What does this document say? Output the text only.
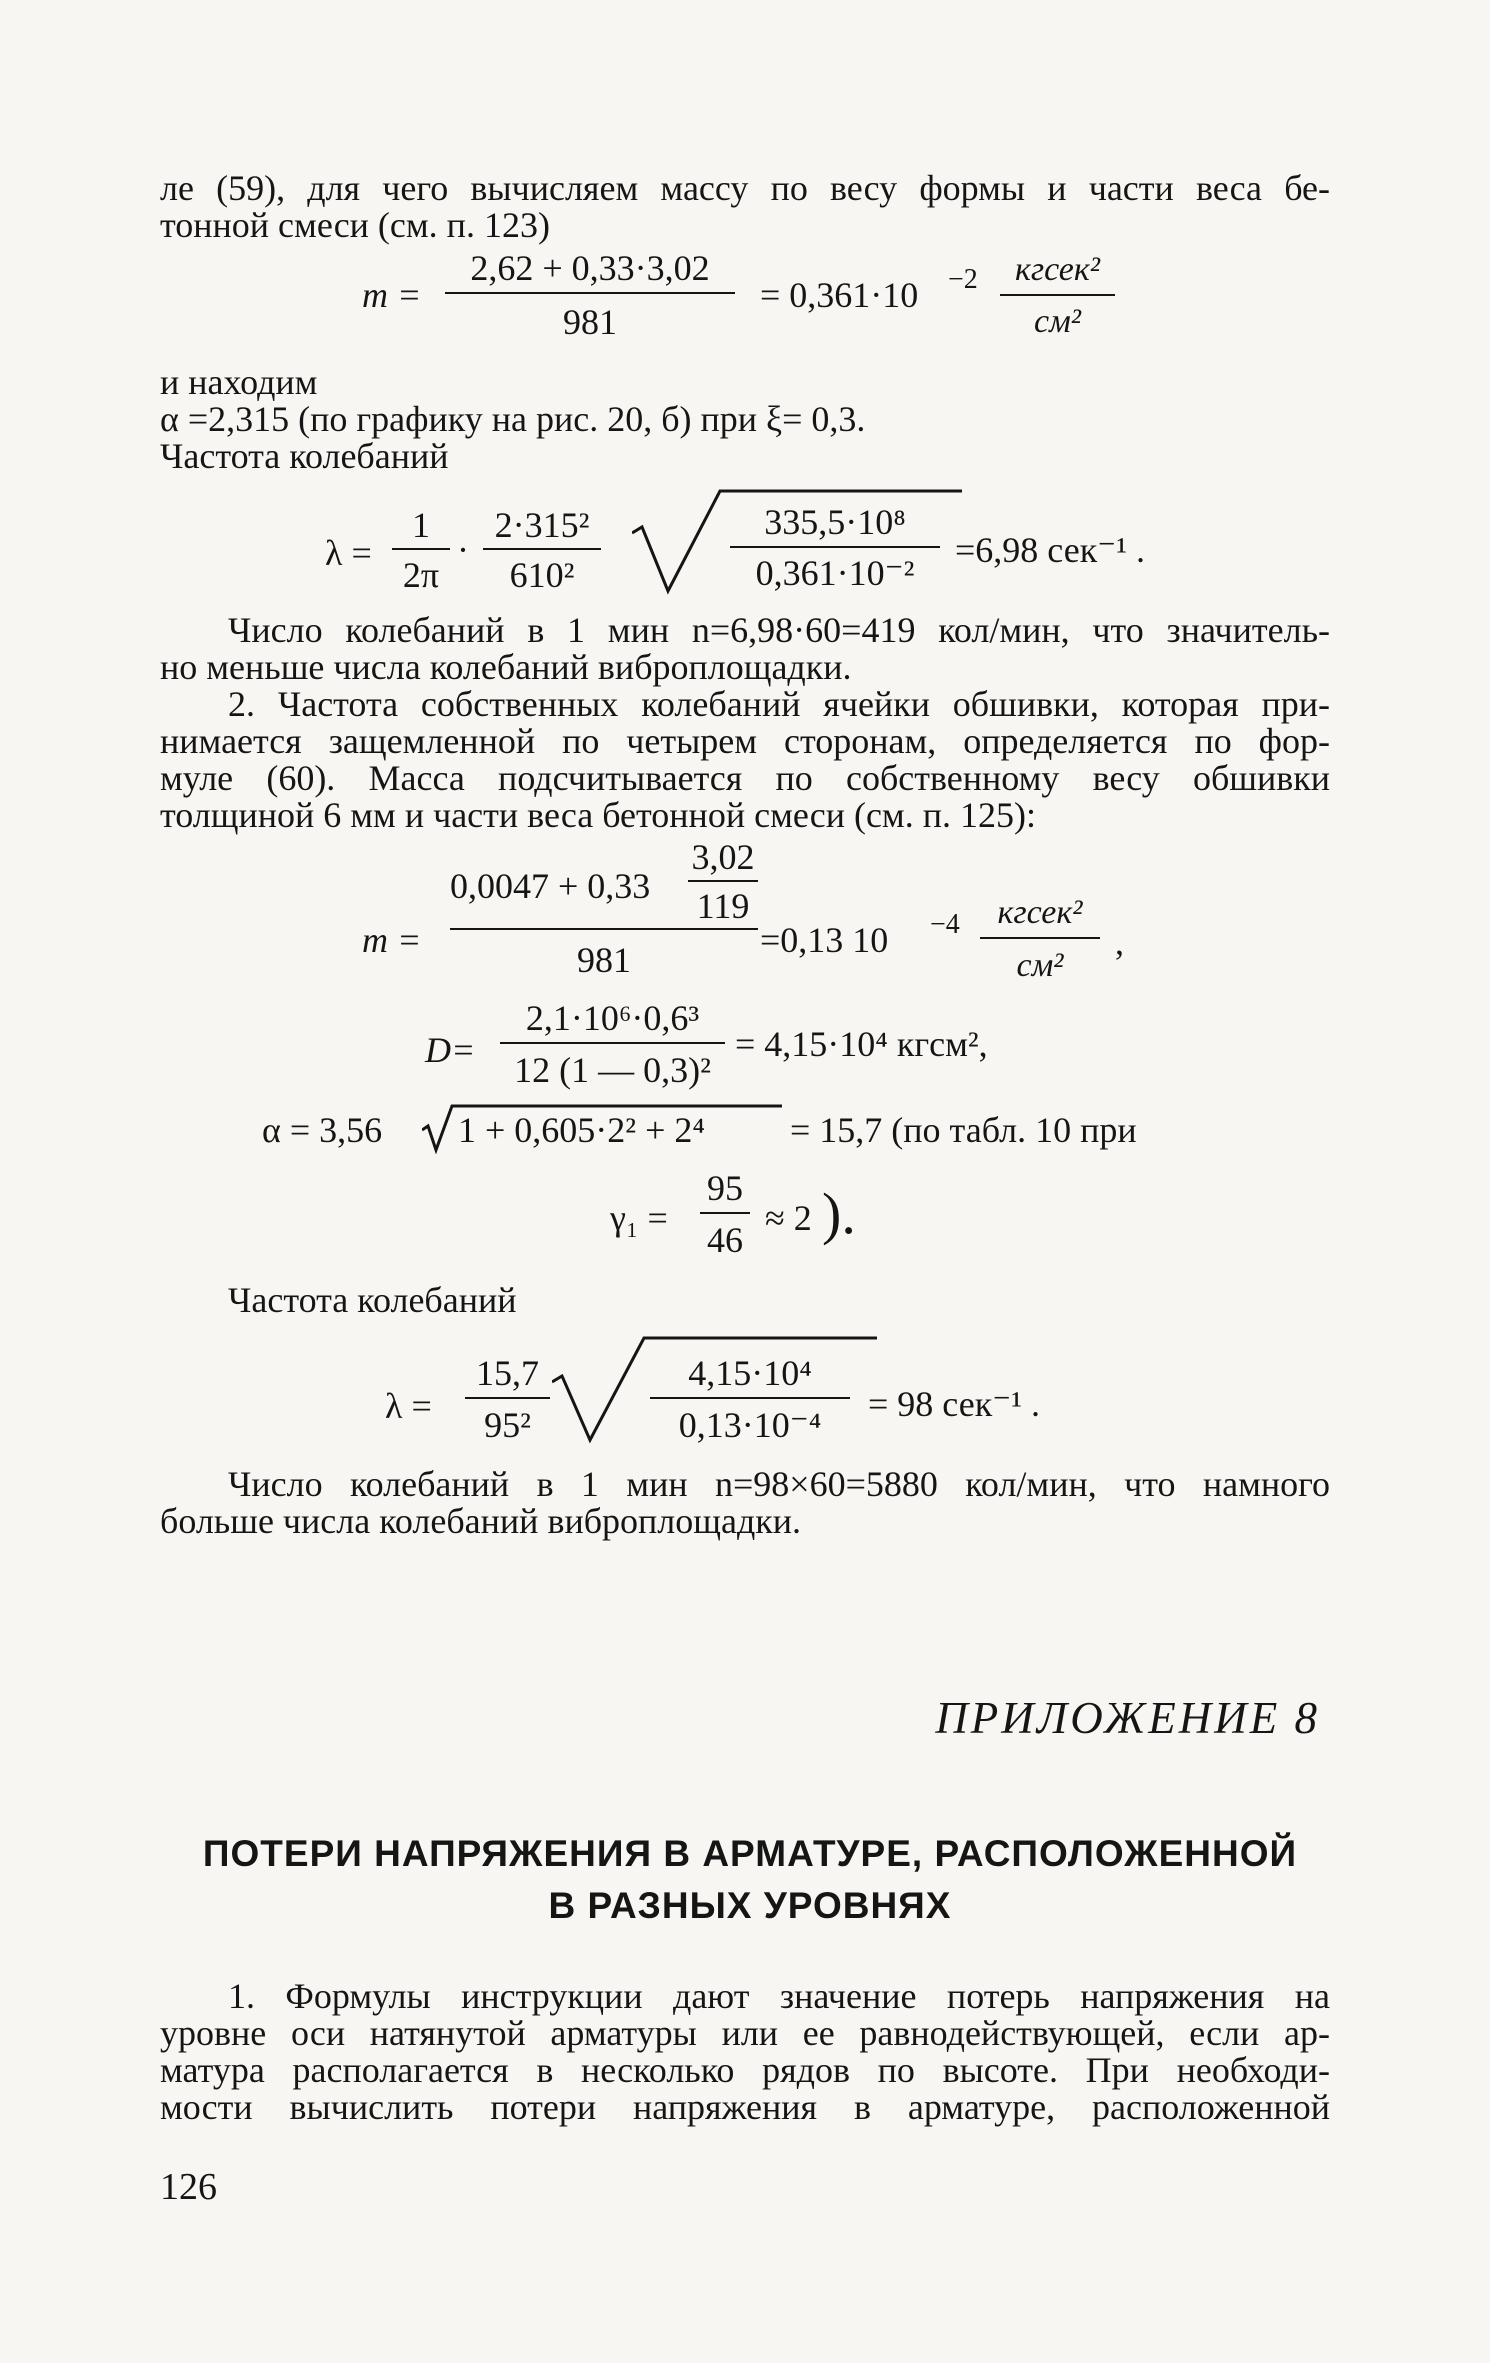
ле (59), для чего вычисляем массу по весу формы и части веса бе-
тонной смеси (см. п. 123)
m =
2,62 + 0,33·3,02
981
= 0,361·10 −2	кгсек²
см²
и находим
α =2,315 (по графику на рис. 20, б) при ξ= 0,3.
Частота колебаний
λ =
1
2π
·
2·315²
610²
335,5·10⁸
0,361·10⁻²
=6,98 сек⁻¹ .
Число колебаний в 1 мин n=6,98·60=419 кол/мин, что значитель-
но меньше числа колебаний виброплощадки.
2. Частота собственных колебаний ячейки обшивки, которая при-
нимается защемленной по четырем сторонам, определяется по фор-
муле (60). Масса подсчитывается по собственному весу обшивки
толщиной 6 мм и части веса бетонной смеси (см. п. 125):
m =
0,0047 + 0,33
3,02
119
981	=0,13 10 −4	кгсек²
см²
,
D=
2,1·10⁶·0,6³
12 (1 — 0,3)²
= 4,15·10⁴ кгсм²,
α = 3,56 1 + 0,605·2² + 2⁴ = 15,7 (по табл. 10 при
γ₁ =
95
46
≈ 2 ).
Частота колебаний
λ =
15,7
95²
4,15·10⁴
0,13·10⁻⁴
= 98 сек⁻¹ .
Число колебаний в 1 мин n=98×60=5880 кол/мин, что намного
больше числа колебаний виброплощадки.
ПРИЛОЖЕНИЕ 8
ПОТЕРИ НАПРЯЖЕНИЯ В АРМАТУРЕ, РАСПОЛОЖЕННОЙ
В РАЗНЫХ УРОВНЯХ
1. Формулы инструкции дают значение потерь напряжения на
уровне оси натянутой арматуры или ее равнодействующей, если ар-
матура располагается в несколько рядов по высоте. При необходи-
мости вычислить потери напряжения в арматуре, расположенной
126
